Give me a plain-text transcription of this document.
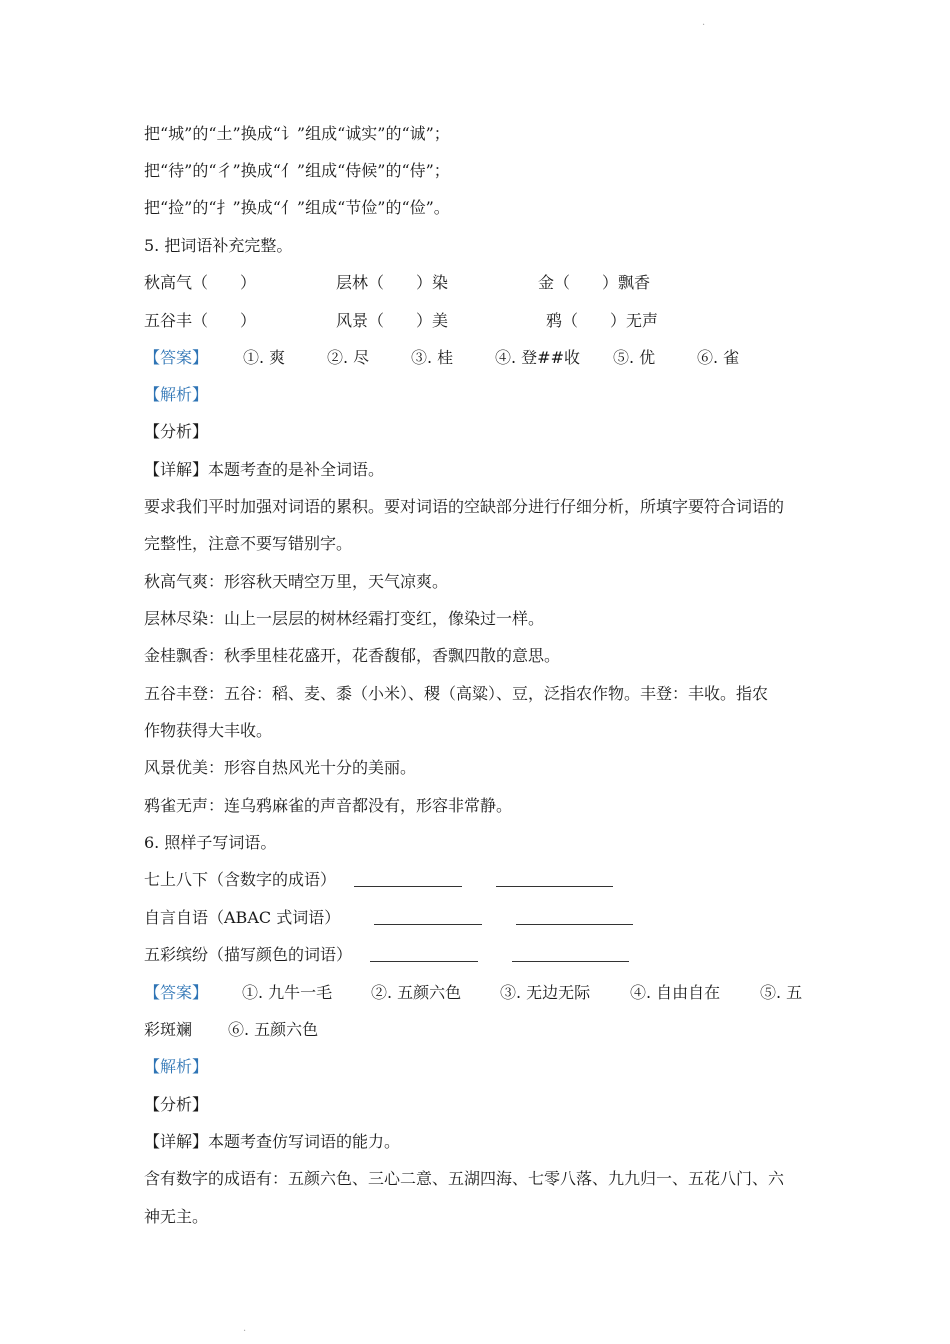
·
把“城”的“土”换成“讠”组成“诚实”的“诚”；
把“待”的“彳”换成“亻”组成“侍候”的“侍”；
把“捡”的“扌”换成“亻”组成“节俭”的“俭”。
5. 把词语补充完整。
秋高气（　　）	层林（　　）染	金（　　）飘香
五谷丰（　　）	风景（　　）美	鸦（　　）无声
【答案】 ①. 爽	②. 尽	③. 桂	④. 登##收 ⑤. 优	⑥. 雀
【解析】
【分析】
【详解】本题考查的是补全词语。
要求我们平时加强对词语的累积。要对词语的空缺部分进行仔细分析，所填字要符合词语的
完整性，注意不要写错别字。
秋高气爽：形容秋天晴空万里，天气凉爽。
层林尽染：山上一层层的树林经霜打变红，像染过一样。
金桂飘香：秋季里桂花盛开，花香馥郁，香飘四散的意思。
五谷丰登：五谷：稻、麦、黍（小米）、稷（高粱）、豆，泛指农作物。丰登：丰收。指农
作物获得大丰收。
风景优美：形容自热风光十分的美丽。
鸦雀无声：连乌鸦麻雀的声音都没有，形容非常静。
6. 照样子写词语。
七上八下（含数字的成语）
自言自语（ABAC 式词语）
五彩缤纷（描写颜色的词语）
【答案】 ①. 九牛一毛 ②. 五颜六色 ③. 无边无际 ④. 自由自在 ⑤. 五
彩斑斓 ⑥. 五颜六色
【解析】
【分析】
【详解】本题考查仿写词语的能力。
含有数字的成语有：五颜六色、三心二意、五湖四海、七零八落、九九归一、五花八门、六
神无主。
·
